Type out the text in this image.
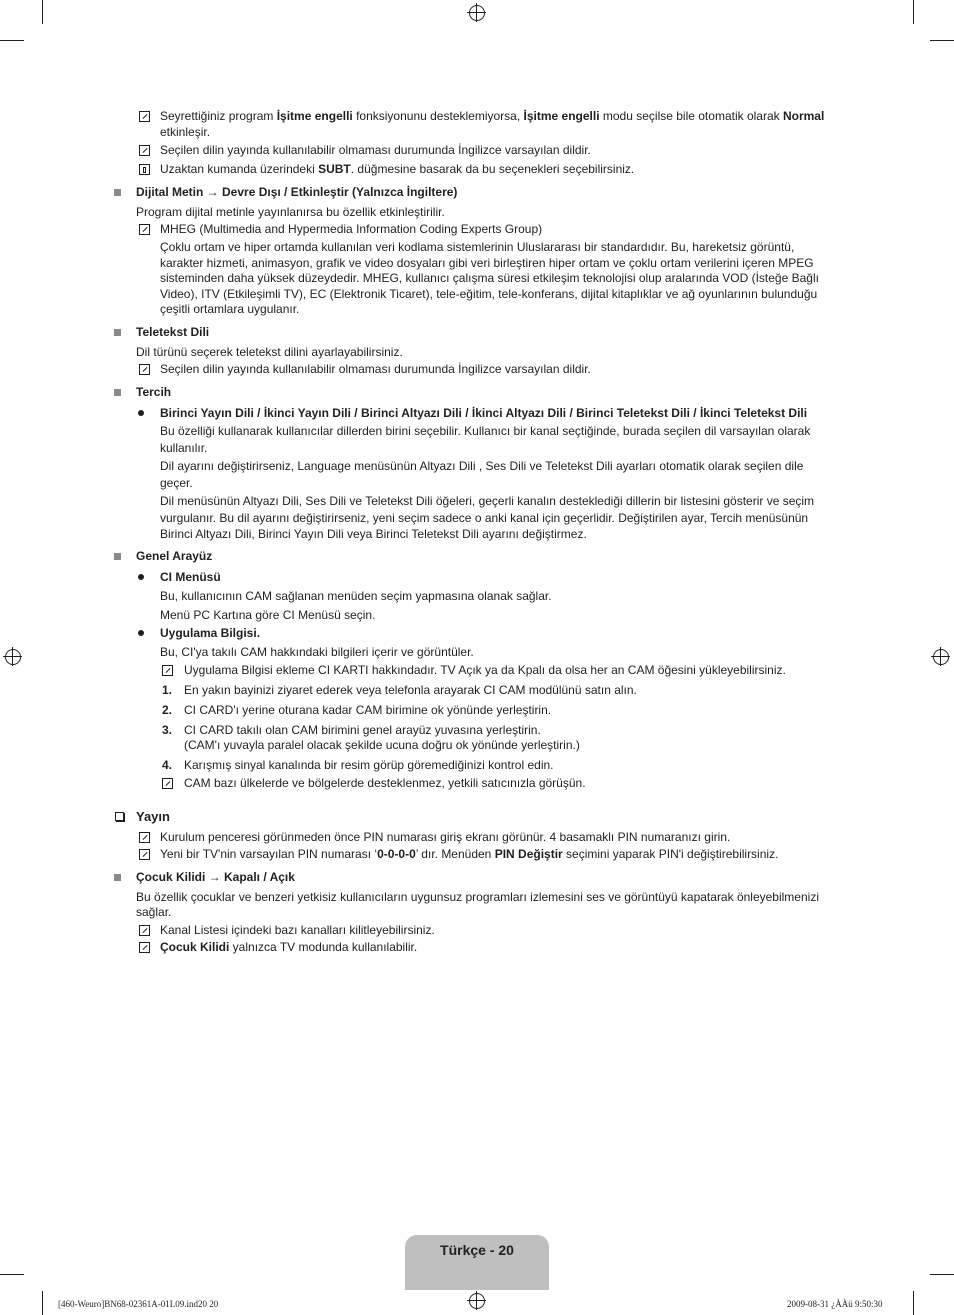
Seyrettiğiniz program İşitme engelli fonksiyonunu desteklemiyorsa, İşitme engelli modu seçilse bile otomatik olarak Normal
etkinleşir.
Seçilen dilin yayında kullanılabilir olmaması durumunda İngilizce varsayılan dildir.
Uzaktan kumanda üzerindeki SUBT. düğmesine basarak da bu seçenekleri seçebilirsiniz.
Dijital Metin → Devre Dışı / Etkinleştir (Yalnızca İngiltere)
Program dijital metinle yayınlanırsa bu özellik etkinleştirilir.
MHEG (Multimedia and Hypermedia Information Coding Experts Group)
Çoklu ortam ve hiper ortamda kullanılan veri kodlama sistemlerinin Uluslararası bir standardıdır. Bu, hareketsiz görüntü,
karakter hizmeti, animasyon, grafik ve video dosyaları gibi veri birleştiren hiper ortam ve çoklu ortam verilerini içeren MPEG
sisteminden daha yüksek düzeydedir. MHEG, kullanıcı çalışma süresi etkileşim teknolojisi olup aralarında VOD (İsteğe Bağlı
Video), ITV (Etkileşimli TV), EC (Elektronik Ticaret), tele-eğitim, tele-konferans, dijital kitaplıklar ve ağ oyunlarının bulunduğu
çeşitli ortamlara uygulanır.
Teletekst Dili
Dil türünü seçerek teletekst dilini ayarlayabilirsiniz.
Seçilen dilin yayında kullanılabilir olmaması durumunda İngilizce varsayılan dildir.
Tercih
Birinci Yayın Dili / İkinci Yayın Dili / Birinci Altyazı Dili / İkinci Altyazı Dili / Birinci Teletekst Dili / İkinci Teletekst Dili
Bu özelliği kullanarak kullanıcılar dillerden birini seçebilir. Kullanıcı bir kanal seçtiğinde, burada seçilen dil varsayılan olarak
kullanılır.
Dil ayarını değiştirirseniz, Language menüsünün Altyazı Dili , Ses Dili ve Teletekst Dili ayarları otomatik olarak seçilen dile
geçer.
Dil menüsünün Altyazı Dili, Ses Dili ve Teletekst Dili öğeleri, geçerli kanalın desteklediği dillerin bir listesini gösterir ve seçim
vurgulanır. Bu dil ayarını değiştirirseniz, yeni seçim sadece o anki kanal için geçerlidir. Değiştirilen ayar, Tercih menüsünün
Birinci Altyazı Dili, Birinci Yayın Dili veya Birinci Teletekst Dili ayarını değiştirmez.
Genel Arayüz
CI Menüsü
Bu, kullanıcının CAM sağlanan menüden seçim yapmasına olanak sağlar.
Menü PC Kartına göre CI Menüsü seçin.
Uygulama Bilgisi.
Bu, CI'ya takılı CAM hakkındaki bilgileri içerir ve görüntüler.
Uygulama Bilgisi ekleme CI KARTI hakkındadır. TV Açık ya da Kpalı da olsa her an CAM öğesini yükleyebilirsiniz.
1. En yakın bayinizi ziyaret ederek veya telefonla arayarak CI CAM modülünü satın alın.
2. CI CARD'ı yerine oturana kadar CAM birimine ok yönünde yerleştirin.
3. CI CARD takılı olan CAM birimini genel arayüz yuvasına yerleştirin.
(CAM'ı yuvayla paralel olacak şekilde ucuna doğru ok yönünde yerleştirin.)
4. Karışmış sinyal kanalında bir resim görüp göremediğinizi kontrol edin.
CAM bazı ülkelerde ve bölgelerde desteklenmez, yetkili satıcınızla görüşün.
Yayın
Kurulum penceresi görünmeden önce PIN numarası giriş ekranı görünür. 4 basamaklı PIN numaranızı girin.
Yeni bir TV'nin varsayılan PIN numarası ‘0-0-0-0’ dır. Menüden PIN Değiştir seçimini yaparak PIN'i değiştirebilirsiniz.
Çocuk Kilidi → Kapalı / Açık
Bu özellik çocuklar ve benzeri yetkisiz kullanıcıların uygunsuz programları izlemesini ses ve görüntüyü kapatarak önleyebilmenizi
sağlar.
Kanal Listesi içindeki bazı kanalları kilitleyebilirsiniz.
Çocuk Kilidi yalnızca TV modunda kullanılabilir.
Türkçe - 20
[460-Weuro]BN68-02361A-01L09.ind20 20	2009-08-31 ¿ÀÀü 9:50:30
